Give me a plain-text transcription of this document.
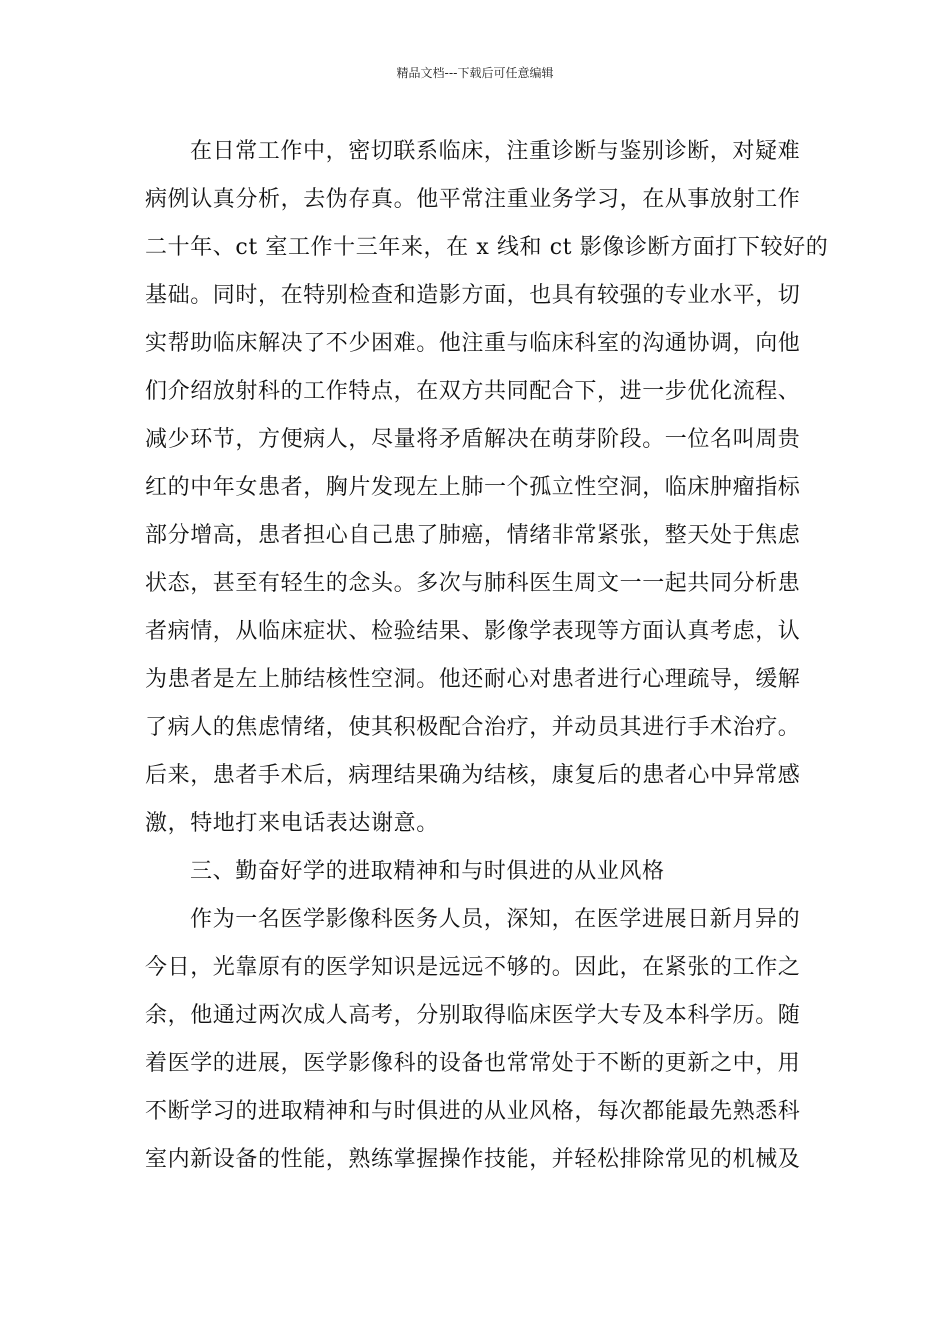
精品文档---下载后可任意编辑
在日常工作中，密切联系临床，注重诊断与鉴别诊断，对疑难
病例认真分析，去伪存真。他平常注重业务学习，在从事放射工作
二十年、ct 室工作十三年来，在 x 线和 ct 影像诊断方面打下较好的
基础。同时，在特别检查和造影方面，也具有较强的专业水平，切
实帮助临床解决了不少困难。他注重与临床科室的沟通协调，向他
们介绍放射科的工作特点，在双方共同配合下，进一步优化流程、
减少环节，方便病人，尽量将矛盾解决在萌芽阶段。一位名叫周贵
红的中年女患者，胸片发现左上肺一个孤立性空洞，临床肿瘤指标
部分增高，患者担心自己患了肺癌，情绪非常紧张，整天处于焦虑
状态，甚至有轻生的念头。多次与肺科医生周文一一起共同分析患
者病情，从临床症状、检验结果、影像学表现等方面认真考虑，认
为患者是左上肺结核性空洞。他还耐心对患者进行心理疏导，缓解
了病人的焦虑情绪，使其积极配合治疗，并动员其进行手术治疗。
后来，患者手术后，病理结果确为结核，康复后的患者心中异常感
激，特地打来电话表达谢意。
三、勤奋好学的进取精神和与时俱进的从业风格
作为一名医学影像科医务人员，深知，在医学进展日新月异的
今日，光靠原有的医学知识是远远不够的。因此，在紧张的工作之
余，他通过两次成人高考，分别取得临床医学大专及本科学历。随
着医学的进展，医学影像科的设备也常常处于不断的更新之中，用
不断学习的进取精神和与时俱进的从业风格，每次都能最先熟悉科
室内新设备的性能，熟练掌握操作技能，并轻松排除常见的机械及
